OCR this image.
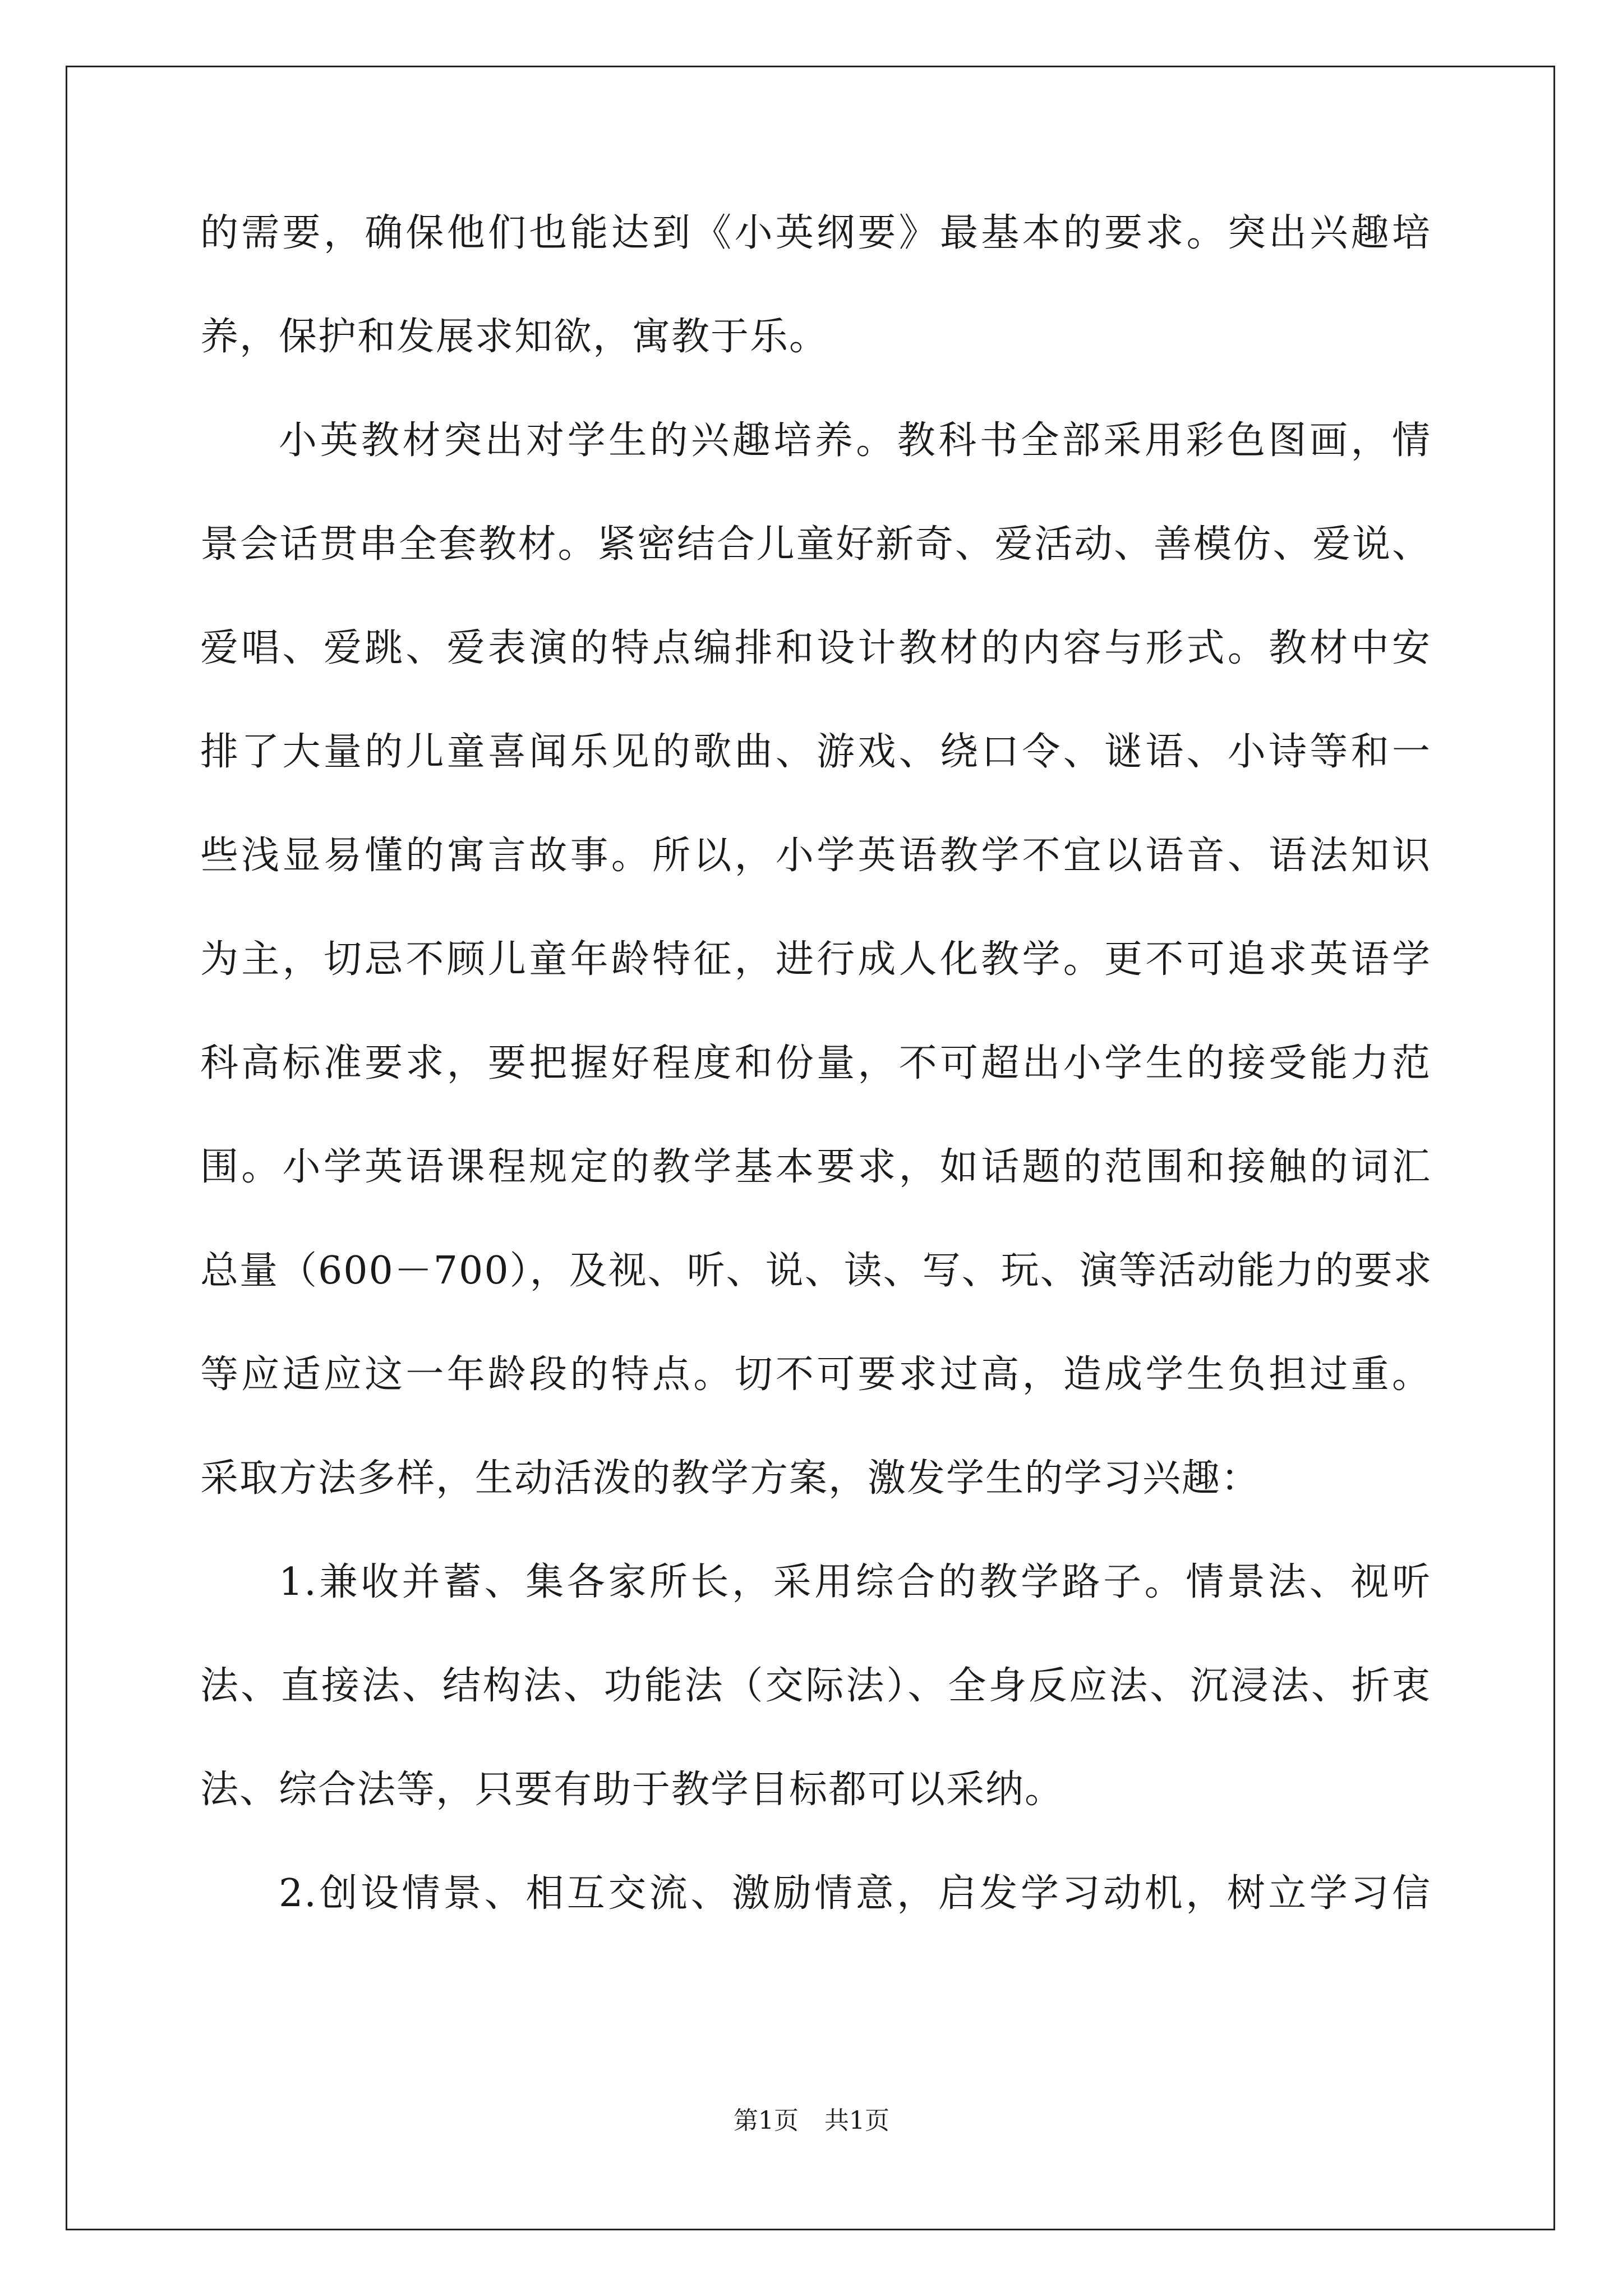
的需要，确保他们也能达到《小英纲要》最基本的要求。突出兴趣培
养，保护和发展求知欲，寓教于乐。
小英教材突出对学生的兴趣培养。教科书全部采用彩色图画，情
景会话贯串全套教材。紧密结合儿童好新奇、爱活动、善模仿、爱说、
爱唱、爱跳、爱表演的特点编排和设计教材的内容与形式。教材中安
排了大量的儿童喜闻乐见的歌曲、游戏、绕口令、谜语、小诗等和一
些浅显易懂的寓言故事。所以，小学英语教学不宜以语音、语法知识
为主，切忌不顾儿童年龄特征，进行成人化教学。更不可追求英语学
科高标准要求，要把握好程度和份量，不可超出小学生的接受能力范
围。小学英语课程规定的教学基本要求，如话题的范围和接触的词汇
总量（600－700），及视、听、说、读、写、玩、演等活动能力的要求
等应适应这一年龄段的特点。切不可要求过高，造成学生负担过重。
采取方法多样，生动活泼的教学方案，激发学生的学习兴趣：
1.兼收并蓄、集各家所长，采用综合的教学路子。情景法、视听
法、直接法、结构法、功能法（交际法）、全身反应法、沉浸法、折衷
法、综合法等，只要有助于教学目标都可以采纳。
2.创设情景、相互交流、激励情意，启发学习动机，树立学习信
第1页 共1页
